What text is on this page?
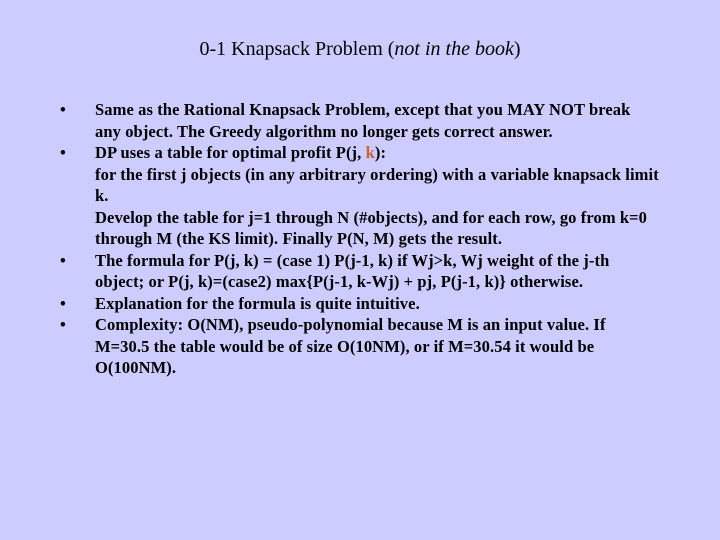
0-1 Knapsack Problem (not in the book)
• Same as the Rational Knapsack Problem, except that you MAY NOT break any object. The Greedy algorithm no longer gets correct answer.
• DP uses a table for optimal profit P(j, k):
for the first j objects (in any arbitrary ordering) with a variable knapsack limit k.
Develop the table for j=1 through N (#objects), and for each row, go from k=0 through M (the KS limit). Finally P(N, M) gets the result.
• The formula for P(j, k) = (case 1) P(j-1, k) if Wj>k, Wj weight of the j-th object; or P(j, k)=(case2) max{P(j-1, k-Wj) + pj, P(j-1, k)} otherwise.
• Explanation for the formula is quite intuitive.
• Complexity: O(NM), pseudo-polynomial because M is an input value. If M=30.5 the table would be of size O(10NM), or if M=30.54 it would be O(100NM).
